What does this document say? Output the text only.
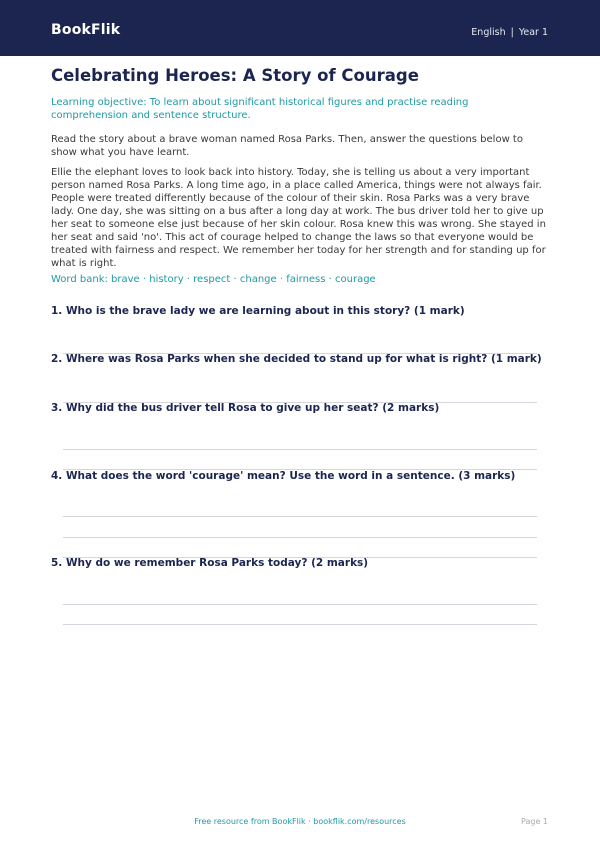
BookFlik	English | Year 1
Celebrating Heroes: A Story of Courage

Learning objective: To learn about significant historical figures and practise reading comprehension and sentence structure.

Read the story about a brave woman named Rosa Parks. Then, answer the questions below to show what you have learnt.

Ellie the elephant loves to look back into history. Today, she is telling us about a very important person named Rosa Parks. A long time ago, in a place called America, things were not always fair. People were treated differently because of the colour of their skin. Rosa Parks was a very brave lady. One day, she was sitting on a bus after a long day at work. The bus driver told her to give up her seat to someone else just because of her skin colour. Rosa knew this was wrong. She stayed in her seat and said 'no'. This act of courage helped to change the laws so that everyone would be treated with fairness and respect. We remember her today for her strength and for standing up for what is right.

Word bank: brave · history · respect · change · fairness · courage

1. Who is the brave lady we are learning about in this story? (1 mark)

2. Where was Rosa Parks when she decided to stand up for what is right? (1 mark)

3. Why did the bus driver tell Rosa to give up her seat? (2 marks)

4. What does the word 'courage' mean? Use the word in a sentence. (3 marks)

5. Why do we remember Rosa Parks today? (2 marks)

Free resource from BookFlik · bookflik.com/resources	Page 1
